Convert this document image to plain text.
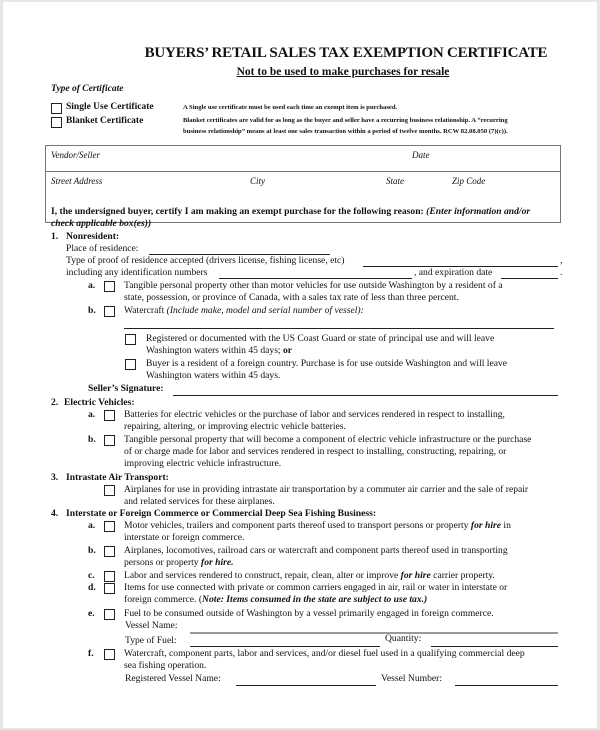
BUYERS’ RETAIL SALES TAX EXEMPTION CERTIFICATE
Not to be used to make purchases for resale
Type of Certificate
Single Use Certificate
Blanket Certificate
A Single use certificate must be used each time an exempt item is purchased.
Blanket certificates are valid for as long as the buyer and seller have a recurring business relationship. A “recurring
business relationship” means at least one sales transaction within a period of twelve months. RCW 82.08.050 (7)(c)).
Vendor/Seller	Date
Street Address	City	State	Zip Code
I, the undersigned buyer, certify I am making an exempt purchase for the following reason: (Enter information and/or
check applicable box(es))
1. Nonresident:
Place of residence:
Type of proof of residence accepted (drivers license, fishing license, etc)	,
including any identification numbers	, and expiration date	.
a.	Tangible personal property other than motor vehicles for use outside Washington by a resident of a
state, possession, or province of Canada, with a sales tax rate of less than three percent.
b.	Watercraft (Include make, model and serial number of vessel):
Registered or documented with the US Coast Guard or state of principal use and will leave
Washington waters within 45 days; or
Buyer is a resident of a foreign country. Purchase is for use outside Washington and will leave
Washington waters within 45 days.
Seller’s Signature:
2. Electric Vehicles:
a.	Batteries for electric vehicles or the purchase of labor and services rendered in respect to installing,
repairing, altering, or improving electric vehicle batteries.
b.	Tangible personal property that will become a component of electric vehicle infrastructure or the purchase
of or charge made for labor and services rendered in respect to installing, constructing, repairing, or
improving electric vehicle infrastructure.
3. Intrastate Air Transport:
Airplanes for use in providing intrastate air transportation by a commuter air carrier and the sale of repair
and related services for these airplanes.
4. Interstate or Foreign Commerce or Commercial Deep Sea Fishing Business:
a.	Motor vehicles, trailers and component parts thereof used to transport persons or property for hire in
interstate or foreign commerce.
b.	Airplanes, locomotives, railroad cars or watercraft and component parts thereof used in transporting
persons or property for hire.
c.	Labor and services rendered to construct, repair, clean, alter or improve for hire carrier property.
d.	Items for use connected with private or common carriers engaged in air, rail or water in interstate or
foreign commerce. (Note: Items consumed in the state are subject to use tax.)
e.	Fuel to be consumed outside of Washington by a vessel primarily engaged in foreign commerce.
Vessel Name:
Type of Fuel:	Quantity:
f.	Watercraft, component parts, labor and services, and/or diesel fuel used in a qualifying commercial deep
sea fishing operation.
Registered Vessel Name:	Vessel Number:
